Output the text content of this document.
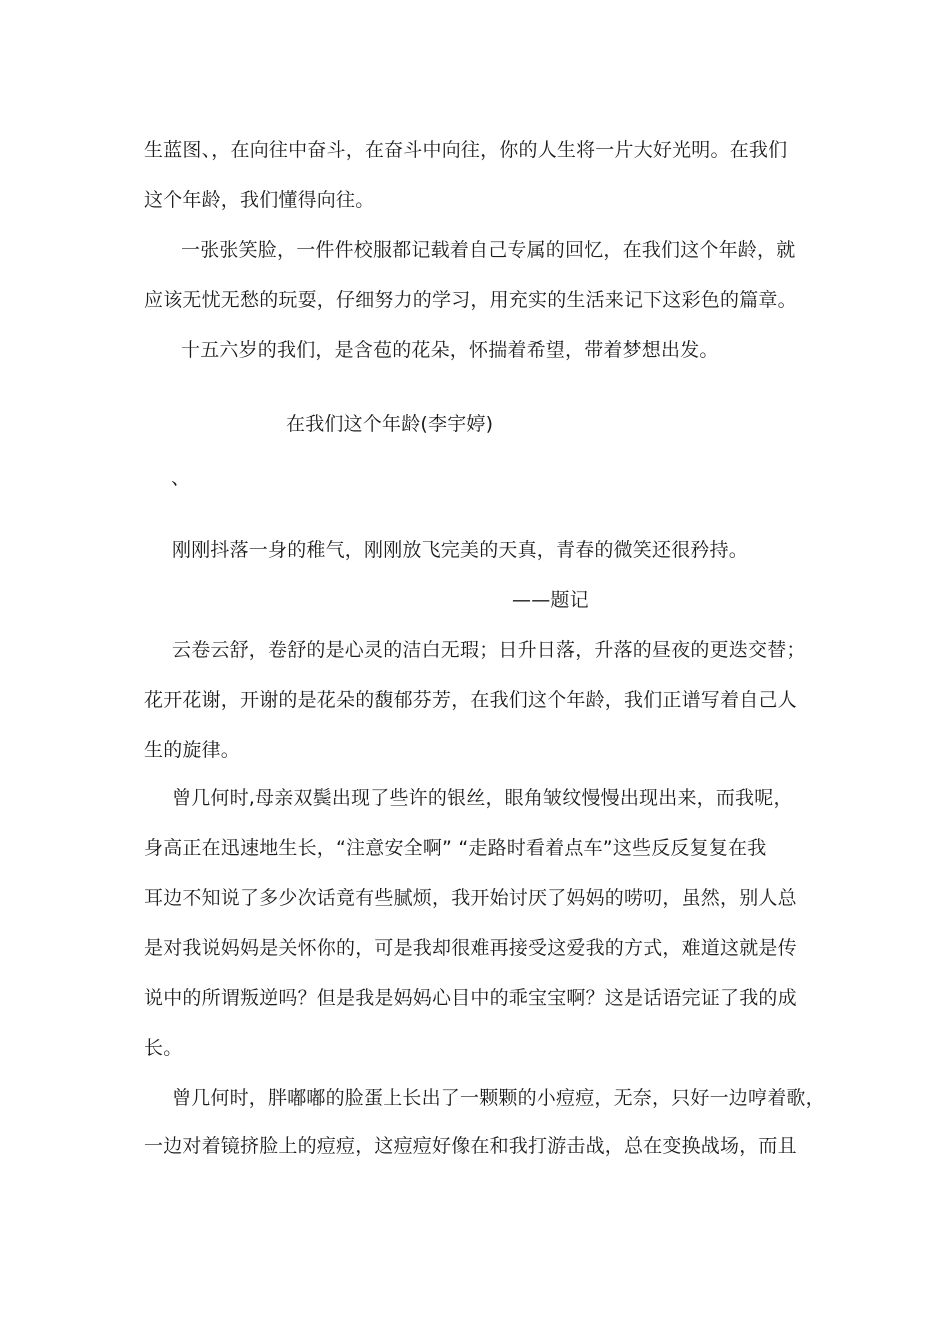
生蓝图、，在向往中奋斗，在奋斗中向往，你的人生将一片大好光明。在我们
这个年龄，我们懂得向往。
一张张笑脸，一件件校服都记载着自己专属的回忆，在我们这个年龄，就
应该无忧无愁的玩耍，仔细努力的学习，用充实的生活来记下这彩色的篇章。
十五六岁的我们，是含苞的花朵，怀揣着希望，带着梦想出发。
在我们这个年龄(李宇婷)
、
刚刚抖落一身的稚气，刚刚放飞完美的天真，青春的微笑还很矜持。
——题记
云卷云舒，卷舒的是心灵的洁白无瑕；日升日落，升落的昼夜的更迭交替；
花开花谢，开谢的是花朵的馥郁芬芳，在我们这个年龄，我们正谱写着自己人
生的旋律。
曾几何时,母亲双鬓出现了些许的银丝，眼角皱纹慢慢出现出来，而我呢，
身高正在迅速地生长，“注意安全啊” “走路时看着点车”这些反反复复在我
耳边不知说了多少次话竟有些腻烦，我开始讨厌了妈妈的唠叨，虽然，别人总
是对我说妈妈是关怀你的，可是我却很难再接受这爱我的方式，难道这就是传
说中的所谓叛逆吗？但是我是妈妈心目中的乖宝宝啊？这是话语完证了我的成
长。
曾几何时，胖嘟嘟的脸蛋上长出了一颗颗的小痘痘，无奈，只好一边哼着歌，
一边对着镜挤脸上的痘痘，这痘痘好像在和我打游击战，总在变换战场，而且
